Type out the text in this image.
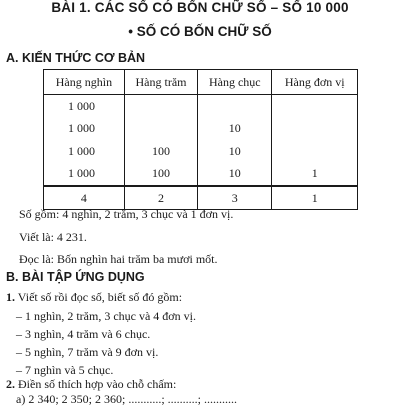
BÀI 1. CÁC SỐ CÓ BỐN CHỮ SỐ – SỐ 10 000
• SỐ CÓ BỐN CHỮ SỐ
A. KIẾN THỨC CƠ BẢN
Hàng nghìn	Hàng trăm	Hàng chục	Hàng đơn vị
1 000			
1 000		10	
1 000	100	10	
1 000	100	10	1
4	2	3	1
Số gồm: 4 nghìn, 2 trăm, 3 chục và 1 đơn vị.
Viết là: 4 231.
Đọc là: Bốn nghìn hai trăm ba mươi mốt.
B. BÀI TẬP ỨNG DỤNG
1. Viết số rồi đọc số, biết số đó gồm:
– 1 nghìn, 2 trăm, 3 chục và 4 đơn vị.
– 3 nghìn, 4 trăm và 6 chục.
– 5 nghìn, 7 trăm và 9 đơn vị.
– 7 nghìn và 5 chục.
2. Điền số thích hợp vào chỗ chấm:
a) 2 340; 2 350; 2 360; ...........; ..........; ...........
